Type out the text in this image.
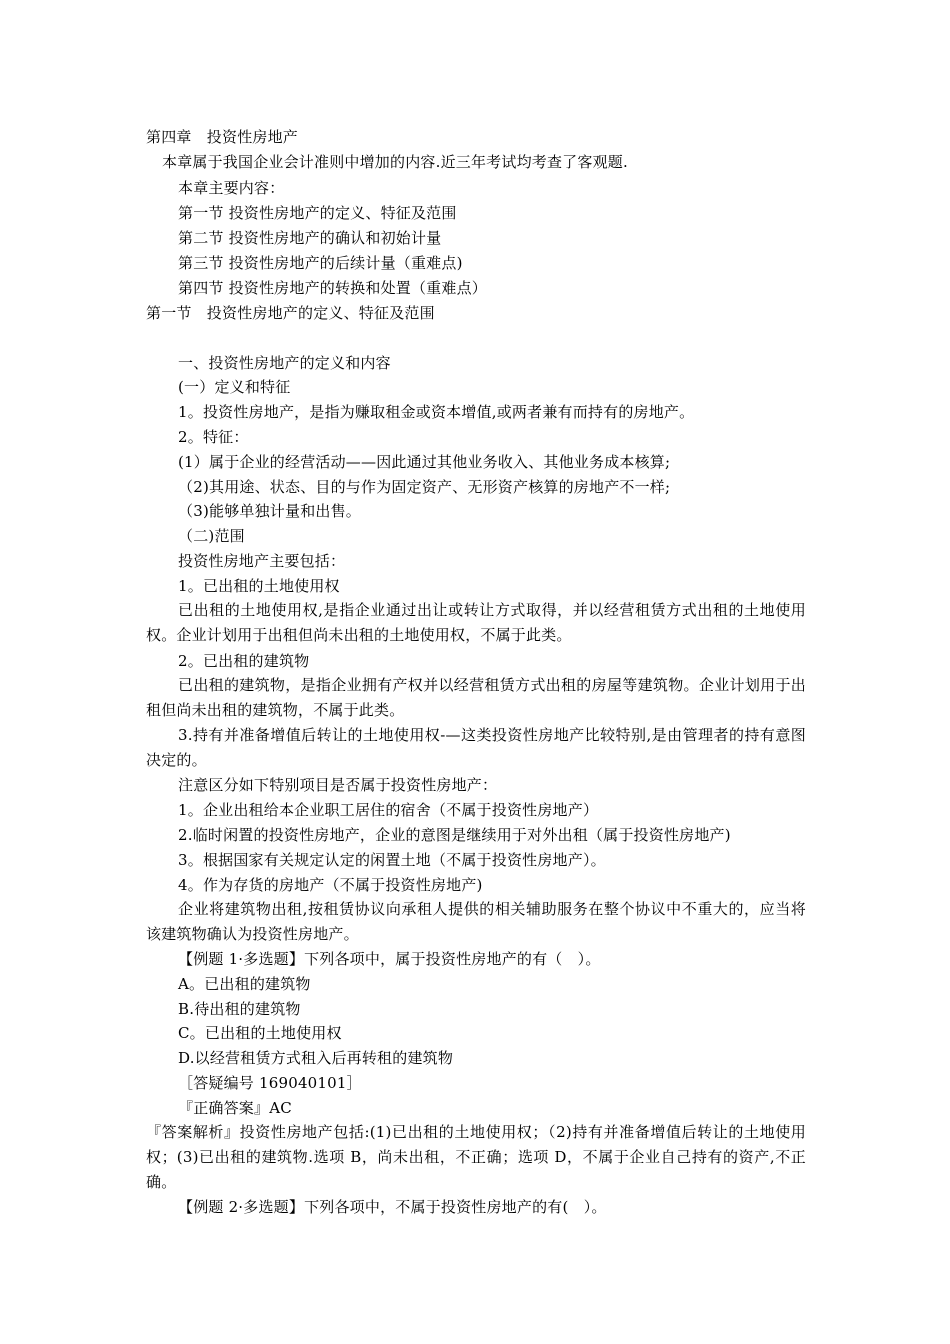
第四章　投资性房地产
本章属于我国企业会计准则中增加的内容.近三年考试均考查了客观题.
本章主要内容：
第一节 投资性房地产的定义、特征及范围
第二节 投资性房地产的确认和初始计量
第三节 投资性房地产的后续计量（重难点)
第四节 投资性房地产的转换和处置（重难点）
第一节　投资性房地产的定义、特征及范围
一、投资性房地产的定义和内容
(一）定义和特征
1。投资性房地产，是指为赚取租金或资本增值,或两者兼有而持有的房地产。
2。特征：
(1）属于企业的经营活动——因此通过其他业务收入、其他业务成本核算;
（2)其用途、状态、目的与作为固定资产、无形资产核算的房地产不一样;
（3)能够单独计量和出售。
（二)范围
投资性房地产主要包括：
1。已出租的土地使用权
已出租的土地使用权,是指企业通过出让或转让方式取得，并以经营租赁方式出租的土地使用权。企业计划用于出租但尚未出租的土地使用权，不属于此类。
2。已出租的建筑物
已出租的建筑物，是指企业拥有产权并以经营租赁方式出租的房屋等建筑物。企业计划用于出租但尚未出租的建筑物，不属于此类。
3.持有并准备增值后转让的土地使用权-—这类投资性房地产比较特别,是由管理者的持有意图决定的。
注意区分如下特别项目是否属于投资性房地产：
1。企业出租给本企业职工居住的宿舍（不属于投资性房地产）
2.临时闲置的投资性房地产，企业的意图是继续用于对外出租（属于投资性房地产)
3。根据国家有关规定认定的闲置土地（不属于投资性房地产）。
4。作为存货的房地产（不属于投资性房地产)
企业将建筑物出租,按租赁协议向承租人提供的相关辅助服务在整个协议中不重大的，应当将该建筑物确认为投资性房地产。
【例题 1·多选题】下列各项中，属于投资性房地产的有（　）。
A。已出租的建筑物
B.待出租的建筑物
C。已出租的土地使用权
D.以经营租赁方式租入后再转租的建筑物
［答疑编号 169040101］
『正确答案』AC
『答案解析』投资性房地产包括:(1)已出租的土地使用权；（2)持有并准备增值后转让的土地使用权；(3)已出租的建筑物.选项 B，尚未出租，不正确；选项 D，不属于企业自己持有的资产,不正确。
【例题 2·多选题】下列各项中，不属于投资性房地产的有(　）。
